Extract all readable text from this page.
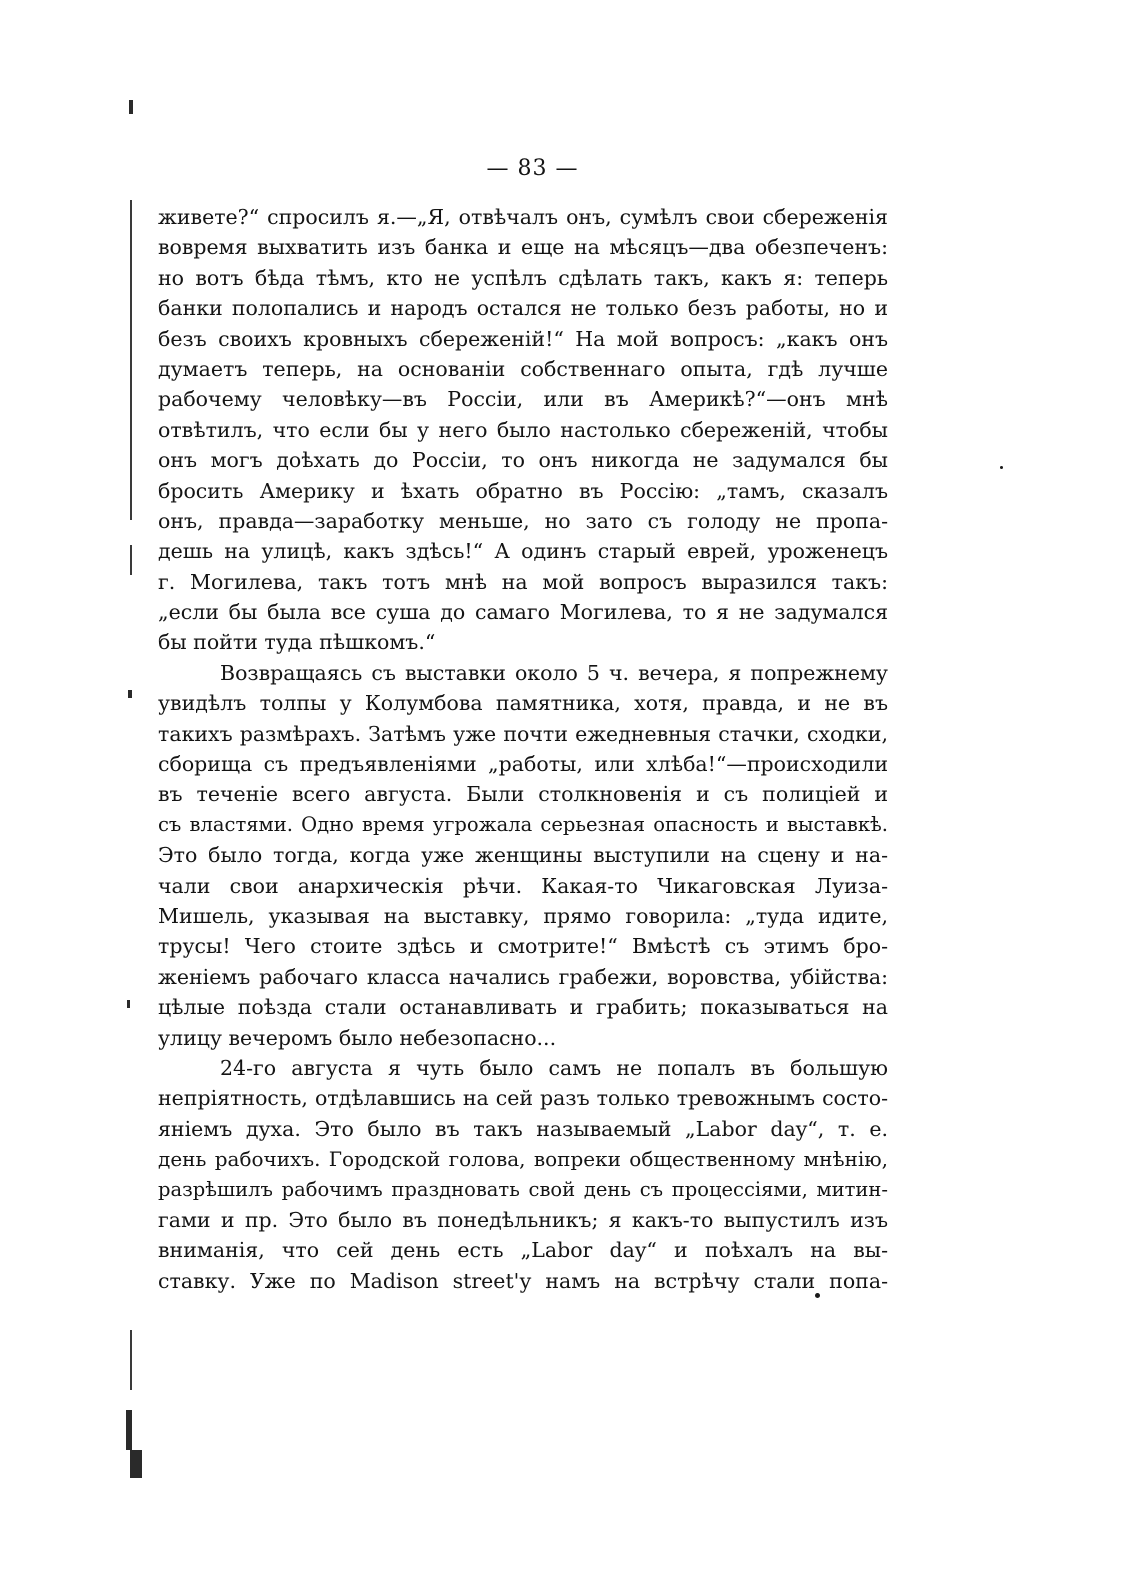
— 83 —
живете?“ спросилъ я.—„Я, отвѣчалъ онъ, сумѣлъ свои сбереженія
вовремя выхватить изъ банка и еще на мѣсяцъ—два обезпеченъ:
но вотъ бѣда тѣмъ, кто не успѣлъ сдѣлать такъ, какъ я: теперь
банки полопались и народъ остался не только безъ работы, но и
безъ своихъ кровныхъ сбереженій!“ На мой вопросъ: „какъ онъ
думаетъ теперь, на основаніи собственнаго опыта, гдѣ лучше
рабочему человѣку—въ Россіи, или въ Америкѣ?“—онъ мнѣ
отвѣтилъ, что если бы у него было настолько сбереженій, чтобы
онъ могъ доѣхать до Россіи, то онъ никогда не задумался бы
бросить Америку и ѣхать обратно въ Россію: „тамъ, сказалъ
онъ, правда—заработку меньше, но зато съ голоду не пропа-
дешь на улицѣ, какъ здѣсь!“ А одинъ старый еврей, уроженецъ
г. Могилева, такъ тотъ мнѣ на мой вопросъ выразился такъ:
„если бы была все суша до самаго Могилева, то я не задумался
бы пойти туда пѣшкомъ.“
Возвращаясь съ выставки около 5 ч. вечера, я попрежнему
увидѣлъ толпы у Колумбова памятника, хотя, правда, и не въ
такихъ размѣрахъ. Затѣмъ уже почти ежедневныя стачки, сходки,
сборища съ предъявленіями „работы, или хлѣба!“—происходили
въ теченіе всего августа. Были столкновенія и съ полиціей и
съ властями. Одно время угрожала серьезная опасность и выставкѣ.
Это было тогда, когда уже женщины выступили на сцену и на-
чали свои анархическія рѣчи. Какая-то Чикаговская Луиза-
Мишель, указывая на выставку, прямо говорила: „туда идите,
трусы! Чего стоите здѣсь и смотрите!“ Вмѣстѣ съ этимъ бро-
женіемъ рабочаго класса начались грабежи, воровства, убійства:
цѣлые поѣзда стали останавливать и грабить; показываться на
улицу вечеромъ было небезопасно...
24-го августа я чуть было самъ не попалъ въ большую
непріятность, отдѣлавшись на сей разъ только тревожнымъ состо-
яніемъ духа. Это было въ такъ называемый „Labor day“, т. е.
день рабочихъ. Городской голова, вопреки общественному мнѣнію,
разрѣшилъ рабочимъ праздновать свой день съ процессіями, митин-
гами и пр. Это было въ понедѣльникъ; я какъ-то выпустилъ изъ
вниманія, что сей день есть „Labor day“ и поѣхалъ на вы-
ставку. Уже по Madison street'у намъ на встрѣчу стали попа-
